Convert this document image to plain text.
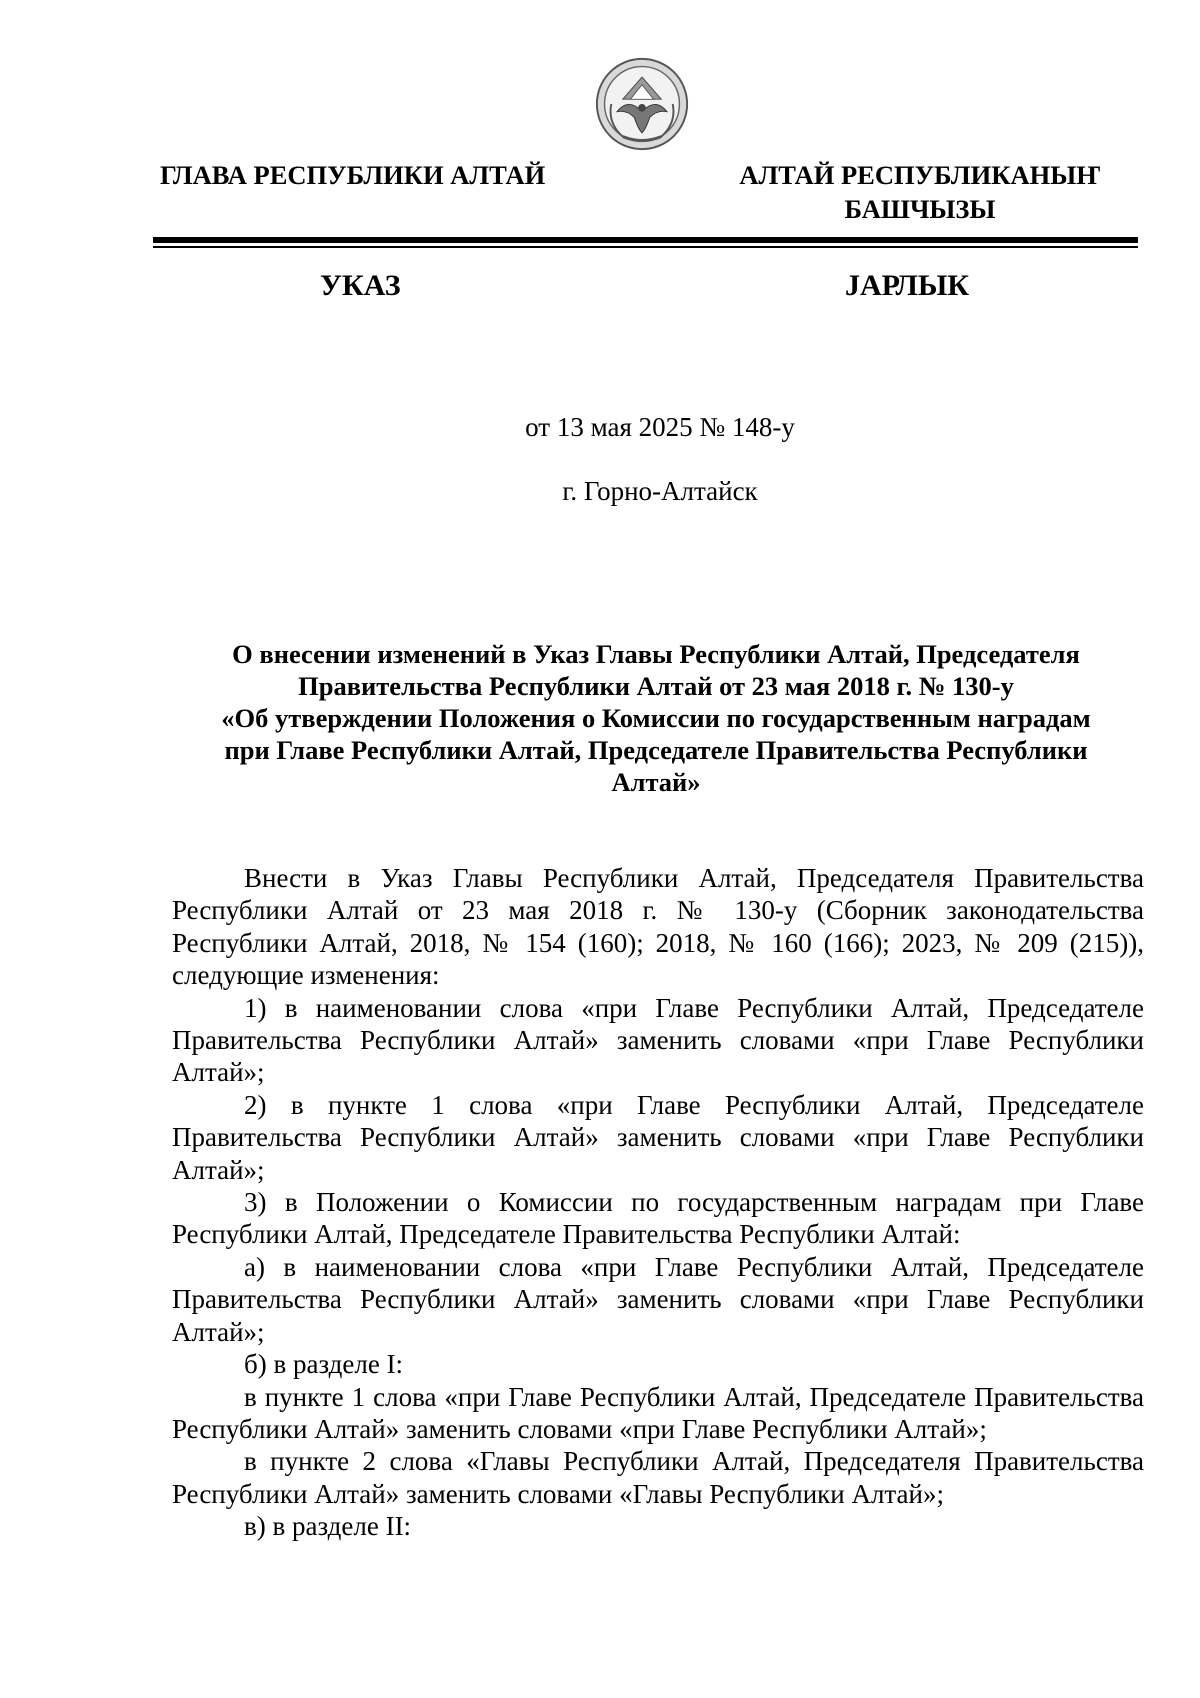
ГЛАВА РЕСПУБЛИКИ АЛТАЙ	АЛТАЙ РЕСПУБЛИКАНЫҤ
БАШЧЫЗЫ
УКАЗ	ЈАРЛЫК
от 13 мая 2025 № 148-у
г. Горно-Алтайск
О внесении изменений в Указ Главы Республики Алтай, Председателя
Правительства Республики Алтай от 23 мая 2018 г. № 130-у
«Об утверждении Положения о Комиссии по государственным наградам
при Главе Республики Алтай, Председателе Правительства Республики
Алтай»

Внести в Указ Главы Республики Алтай, Председателя Правительства Республики Алтай от 23 мая 2018 г. № 130-у (Сборник законодательства Республики Алтай, 2018, № 154 (160); 2018, № 160 (166); 2023, № 209 (215)), следующие изменения:

1) в наименовании слова «при Главе Республики Алтай, Председателе Правительства Республики Алтай» заменить словами «при Главе Республики Алтай»;

2) в пункте 1 слова «при Главе Республики Алтай, Председателе Правительства Республики Алтай» заменить словами «при Главе Республики Алтай»;

3) в Положении о Комиссии по государственным наградам при Главе Республики Алтай, Председателе Правительства Республики Алтай:

а) в наименовании слова «при Главе Республики Алтай, Председателе Правительства Республики Алтай» заменить словами «при Главе Республики Алтай»;

б) в разделе I:

в пункте 1 слова «при Главе Республики Алтай, Председателе Правительства Республики Алтай» заменить словами «при Главе Республики Алтай»;

в пункте 2 слова «Главы Республики Алтай, Председателя Правительства Республики Алтай» заменить словами «Главы Республики Алтай»;

в) в разделе II:
